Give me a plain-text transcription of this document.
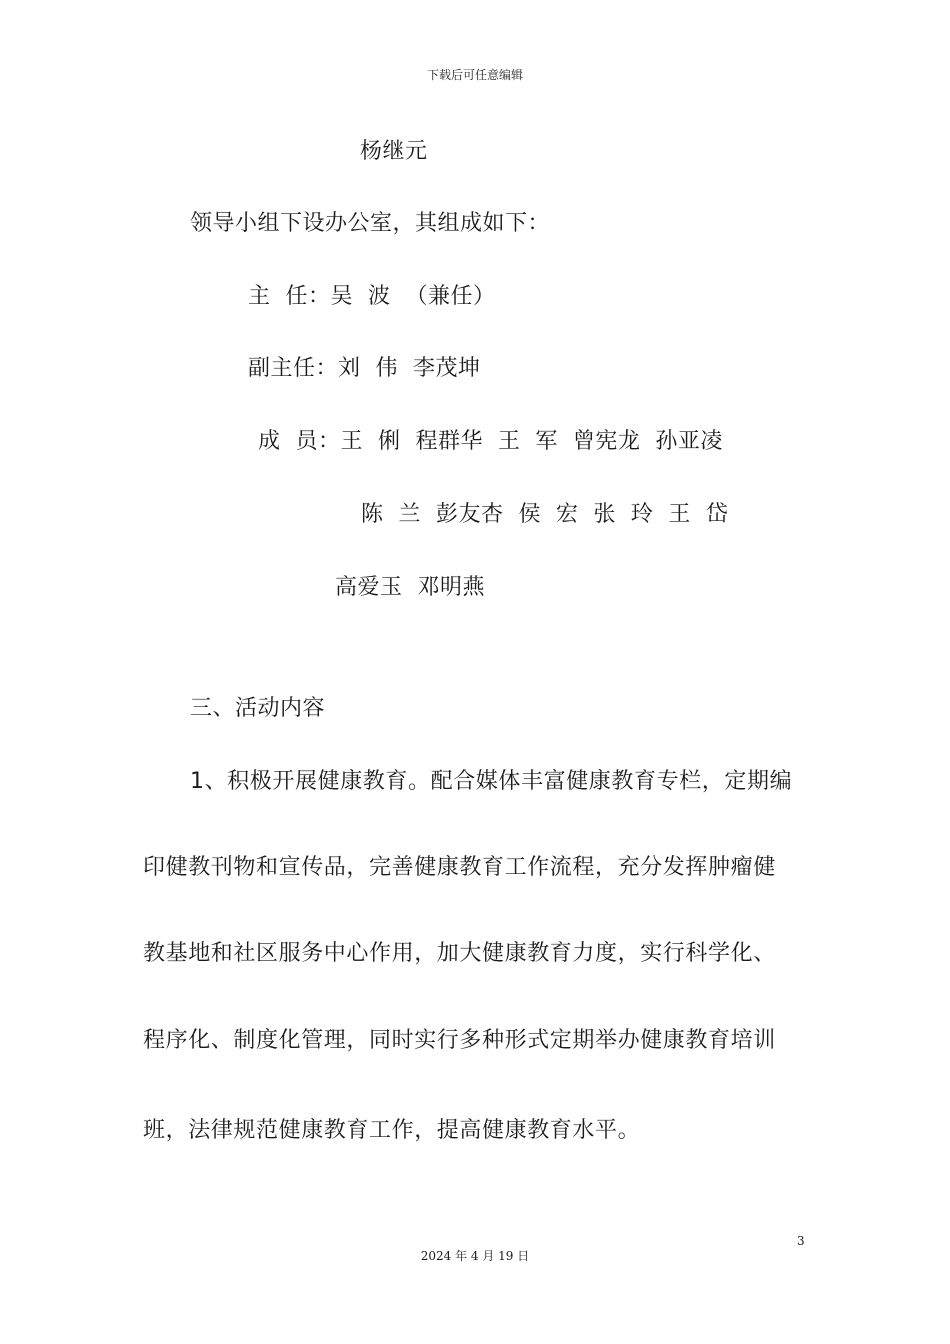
下载后可任意编辑
杨继元
领导小组下设办公室，其组成如下：
主  任：吴  波  （兼任）
副主任：刘  伟  李茂坤
成  员：王  俐  程群华  王  军  曾宪龙  孙亚凌
陈  兰  彭友杏  侯  宏  张  玲  王  岱
高爱玉  邓明燕
三、活动内容
1、积极开展健康教育。配合媒体丰富健康教育专栏，定期编
印健教刊物和宣传品，完善健康教育工作流程，充分发挥肿瘤健
教基地和社区服务中心作用，加大健康教育力度，实行科学化、
程序化、制度化管理，同时实行多种形式定期举办健康教育培训
班，法律规范健康教育工作，提高健康教育水平。
3
2024 年 4 月 19 日
